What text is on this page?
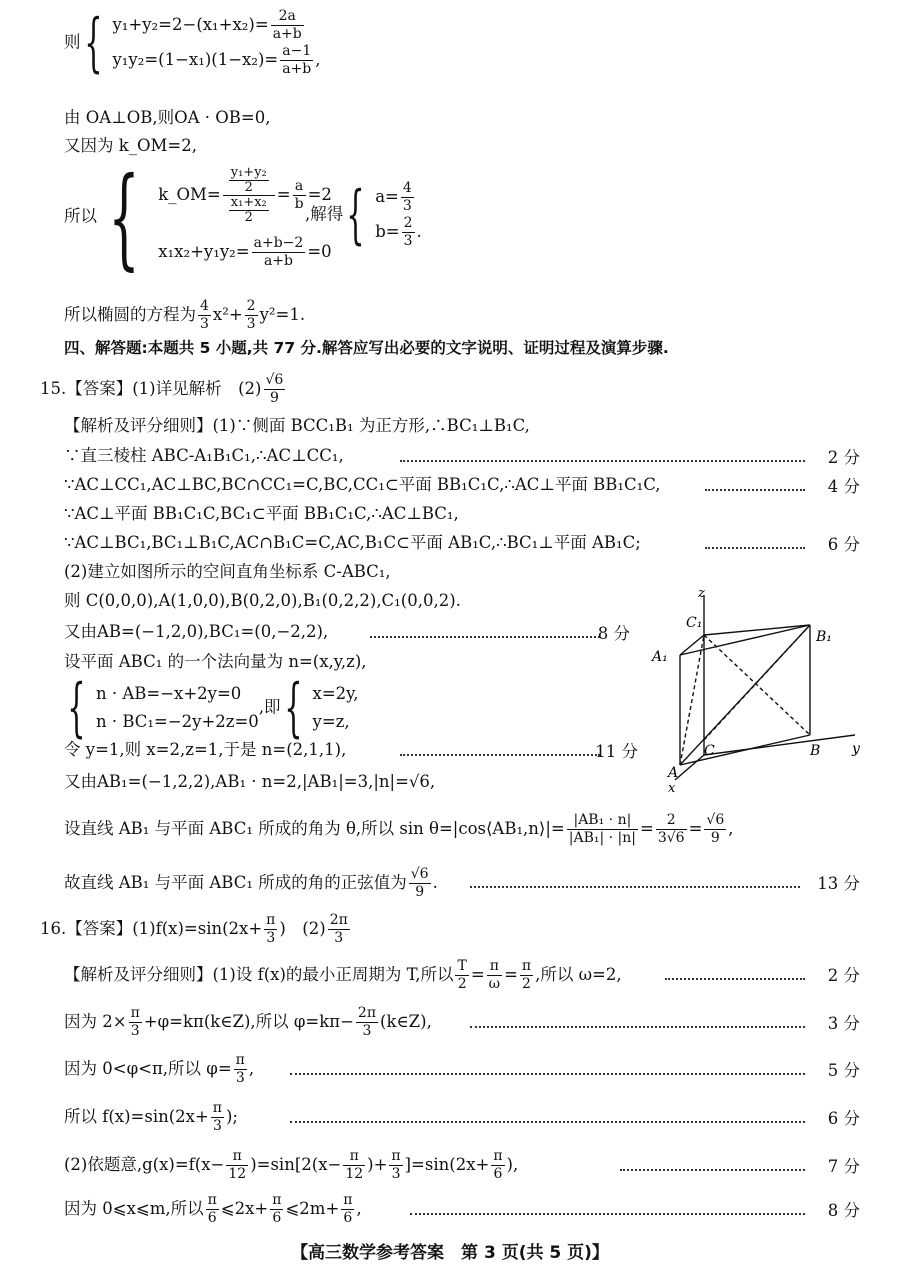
则{ $y_1+y_2=2-(x_1+x_2)= \frac{2a}{a+b}$
$y_1y_2=(1-x_1)(1-x_2)= \frac{a-1}{a+b}$ ,
由 OA⊥OB,则OA · OB=0,
又因为 k_OM=2,
所以 { k_OM= y₁+y₂
2
x₁+x₂
$2 = \frac{a}{b} =2$
$x_1x_2+y_1y_2= \frac{a+b-2}{a+b} =0$
,解得{ $a= \frac{4}{3}$
$b= \frac{2}{3}$ .
所以椭圆的方程为 $\frac{4}{3} x^2+ \frac{2}{3} y^2=1$.
四、解答题:本题共 5 小题,共 77 分.解答应写出必要的文字说明、证明过程及演算步骤.
15.【答案】(1)详见解析　$(2) \frac{√6}{9}$
【解析及评分细则】(1)∵侧面 BCC₁B₁ 为正方形,∴BC₁⊥B₁C,
∵直三棱柱 ABC-A₁B₁C₁,∴AC⊥CC₁,	2 分
∵AC⊥CC₁,AC⊥BC,BC∩CC₁=C,BC,CC₁⊂平面 BB₁C₁C,∴AC⊥平面 BB₁C₁C,	4 分
∵AC⊥平面 BB₁C₁C,BC₁⊂平面 BB₁C₁C,∴AC⊥BC₁,
∵AC⊥BC₁,BC₁⊥B₁C,AC∩B₁C=C,AC,B₁C⊂平面 AB₁C,∴BC₁⊥平面 AB₁C;	6 分
(2)建立如图所示的空间直角坐标系 C-ABC₁,
则 C(0,0,0),A(1,0,0),B(0,2,0),B₁(0,2,2),C₁(0,0,2).
又由AB=(−1,2,0),BC₁=(0,−2,2),	8 分
设平面 ABC₁ 的一个法向量为 n=(x,y,z),
{ n · AB=−x+2y=0
n · BC₁=−2y+2z=0
,即{ x=2y,
y=z,
令 y=1,则 x=2,z=1,于是 n=(2,1,1),	11 分
又由AB₁=(−1,2,2),AB₁ · n=2,|AB₁|=3,|n|=√6,
设直线 AB₁ 与平面 ABC₁ 所成的角为 θ,所以 sin θ=|cos⟨AB₁,n⟩|= $\frac{\text{|AB₁ · n|}}{\text{|AB₁| · |n|}} = \frac{2}{3√6} = \frac{√6}{9}$ ,
故直线 AB₁ 与平面 ABC₁ 所成的角的正弦值为 $\frac{√6}{9}$ .	13 分
z
y
x
C₁
B₁
A₁
C	B
A
16.【答案】$(1)f(x)=\sin(2x+ \frac{\pi}{3}$ )　$(2) \frac{2\pi}{3}$
【解析及评分细则】(1)设 f(x)的最小正周期为 T,所以 $\frac{T}{2} = \frac{\pi}{\omega} = \frac{\pi}{2}$ ,所以 ω=2,	2 分
因为 $2\times \frac{\pi}{3}$ +φ=kπ(k∈Z),所以 $\varphi=k\pi- \frac{2\pi}{3}$ (k∈Z),	3 分
因为 0<φ<π,所以 $\varphi= \frac{\pi}{3}$ ,	5 分
所以 $f(x)=\sin(2x+ \frac{\pi}{3}$ );	6 分
(2)依题意$,g(x)=f(x- \frac{\pi}{12} )=\sin[2(x- \frac{\pi}{12}$ )+ $\frac{\pi}{3} ]=\sin(2x+ \frac{\pi}{6}$ ),	7 分
因为 0⩽x⩽m,所以 $\frac{\pi}{6}$ ⩽2x+ $\frac{\pi}{6}$ ⩽2m+ $\frac{\pi}{6}$ ,	8 分
【高三数学参考答案　第 3 页(共 5 页)】
